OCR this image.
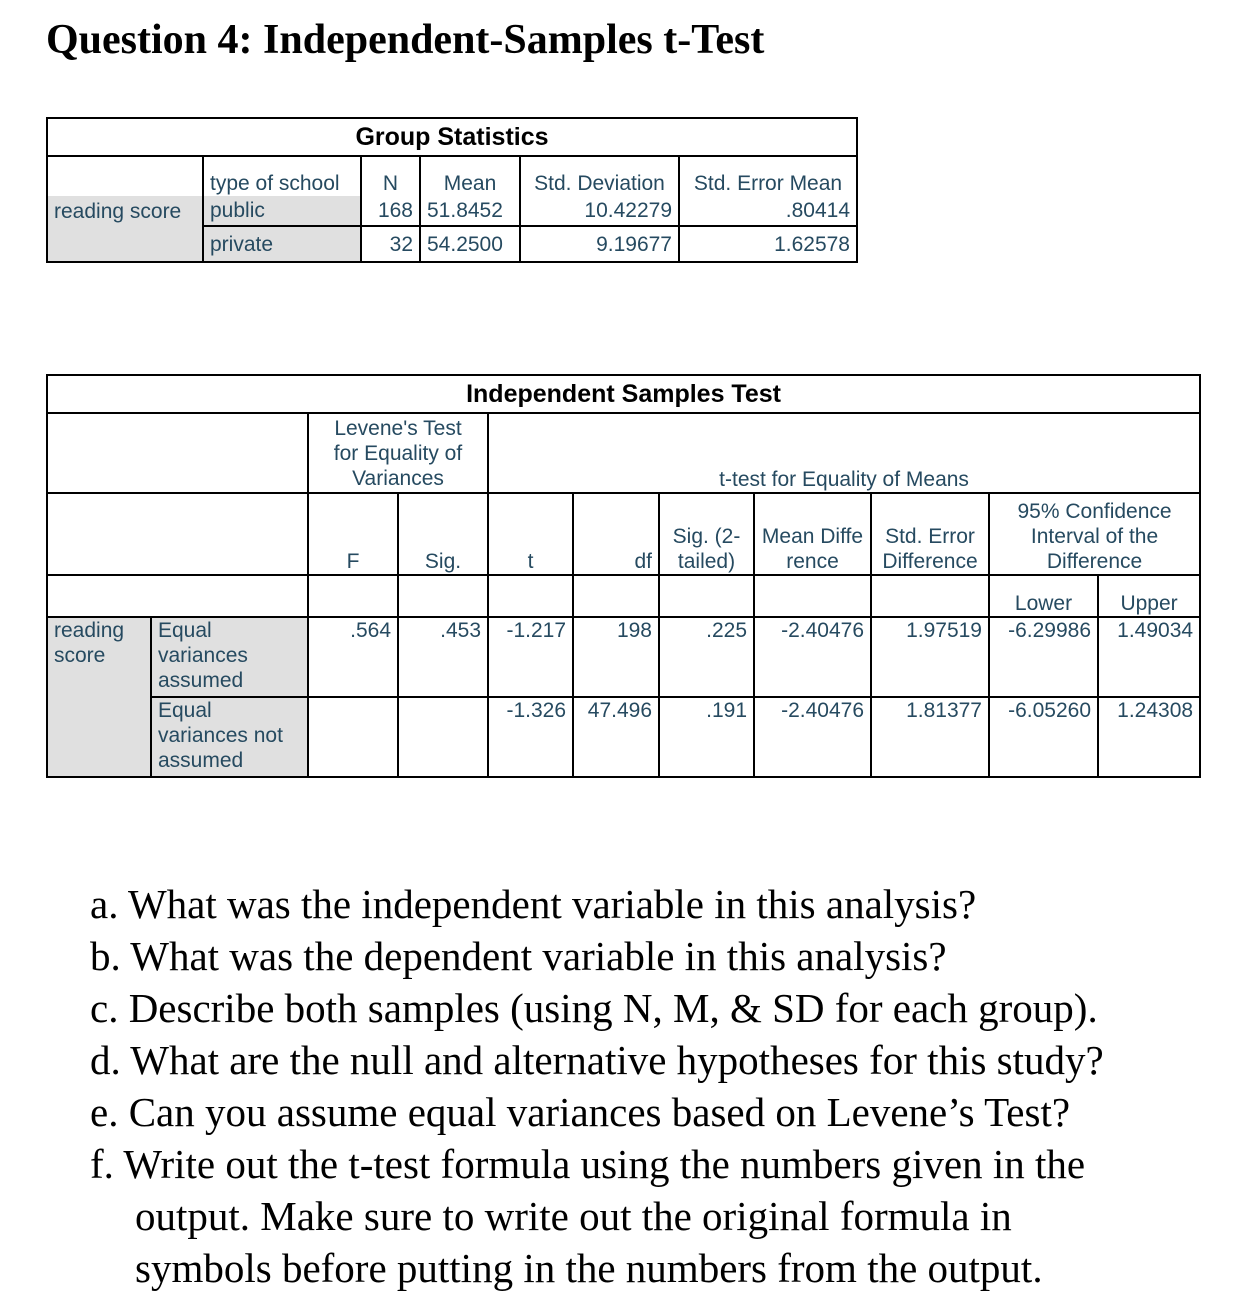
Question 4: Independent-Samples t-Test
Group Statistics					
	type of school	N	Mean	Std. Deviation	Std. Error Mean
reading score	public	168	51.8452	10.42279	.80414
	private	32	54.2500	9.19677	1.62578
Independent Samples Test										
		Levene's Test for Equality of Variances		t-test for Equality of Means						
		F	Sig.	t	df	Sig. (2-tailed)	Mean Difference	Std. Error Difference	95% Confidence Interval of the Difference	
									Lower	Upper
reading score	Equal variances assumed	.564	.453	-1.217	198	.225	-2.40476	1.97519	-6.29986	1.49034
	Equal variances not assumed			-1.326	47.496	.191	-2.40476	1.81377	-6.05260	1.24308
a. What was the independent variable in this analysis?
b. What was the dependent variable in this analysis?
c. Describe both samples (using N, M, & SD for each group).
d. What are the null and alternative hypotheses for this study?
e. Can you assume equal variances based on Levene’s Test?
f. Write out the t-test formula using the numbers given in the
output. Make sure to write out the original formula in
symbols before putting in the numbers from the output.
